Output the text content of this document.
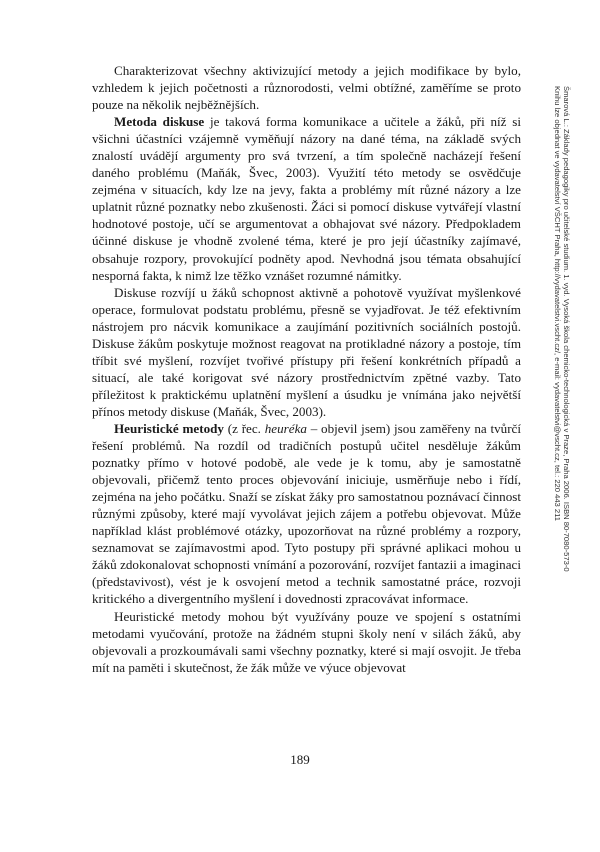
Charakterizovat všechny aktivizující metody a jejich modifikace by bylo, vzhledem k jejich početnosti a různorodosti, velmi obtížné, zaměříme se proto pouze na několik nejběžnějších.

Metoda diskuse je taková forma komunikace a učitele a žáků, při níž si všichni účastníci vzájemně vyměňují názory na dané téma, na základě svých znalostí uvádějí argumenty pro svá tvrzení, a tím společně nacházejí řešení daného problému (Maňák, Švec, 2003). Využití této metody se osvědčuje zejména v situacích, kdy lze na jevy, fakta a problémy mít různé názory a lze uplatnit různé poznatky nebo zkušenosti. Žáci si pomocí diskuse vytvářejí vlastní hodnotové postoje, učí se argumentovat a obhajovat své názory. Předpokladem účinné diskuse je vhodně zvolené téma, které je pro její účastníky zajímavé, obsahuje rozpory, provokující podněty apod. Nevhodná jsou témata obsahující nesporná fakta, k nimž lze těžko vznášet rozumné námitky.

Diskuse rozvíjí u žáků schopnost aktivně a pohotově využívat myšlenkové operace, formulovat podstatu problému, přesně se vyjadřovat. Je též efektivním nástrojem pro nácvik komunikace a zaujímání pozitivních sociálních postojů. Diskuse žákům poskytuje možnost reagovat na protikladné názory a postoje, tím tříbit své myšlení, rozvíjet tvořivé přístupy při řešení konkrétních případů a situací, ale také korigovat své názory prostřednictvím zpětné vazby. Tato příležitost k praktickému uplatnění myšlení a úsudku je vnímána jako největší přínos metody diskuse (Maňák, Švec, 2003).

Heuristické metody (z řec. heuréka – objevil jsem) jsou zaměřeny na tvůrčí řešení problémů. Na rozdíl od tradičních postupů učitel nesděluje žákům poznatky přímo v hotové podobě, ale vede je k tomu, aby je samostatně objevovali, přičemž tento proces objevování iniciuje, usměrňuje nebo i řídí, zejména na jeho počátku. Snaží se získat žáky pro samostatnou poznávací činnost různými způsoby, které mají vyvolávat jejich zájem a potřebu objevovat. Může například klást problémové otázky, upozorňovat na různé problémy a rozpory, seznamovat se zajímavostmi apod. Tyto postupy při správné aplikaci mohou u žáků zdokonalovat schopnosti vnímání a pozorování, rozvíjet fantazii a imaginaci (představivost), vést je k osvojení metod a technik samostatné práce, rozvoji kritického a divergentního myšlení i dovednosti zpracovávat informace.

Heuristické metody mohou být využívány pouze ve spojení s ostatními metodami vyučování, protože na žádném stupni školy není v silách žáků, aby objevovali a prozkoumávali sami všechny poznatky, které si mají osvojit. Je třeba mít na paměti i skutečnost, že žák může ve výuce objevovat

189
Šmarová L.: Základy pedagogiky pro učitelské studium. 1. vyd. Vysoká škola chemicko-technologická v Praze, Praha 2006. ISBN 80-7080-573-0
Knihu lze objednat ve vydavatelství VŠCHT Praha, http://vydavatelstvi.vscht.cz/, e-mail: vydavatelstvi@vscht.cz, tel.: 220 443 211
